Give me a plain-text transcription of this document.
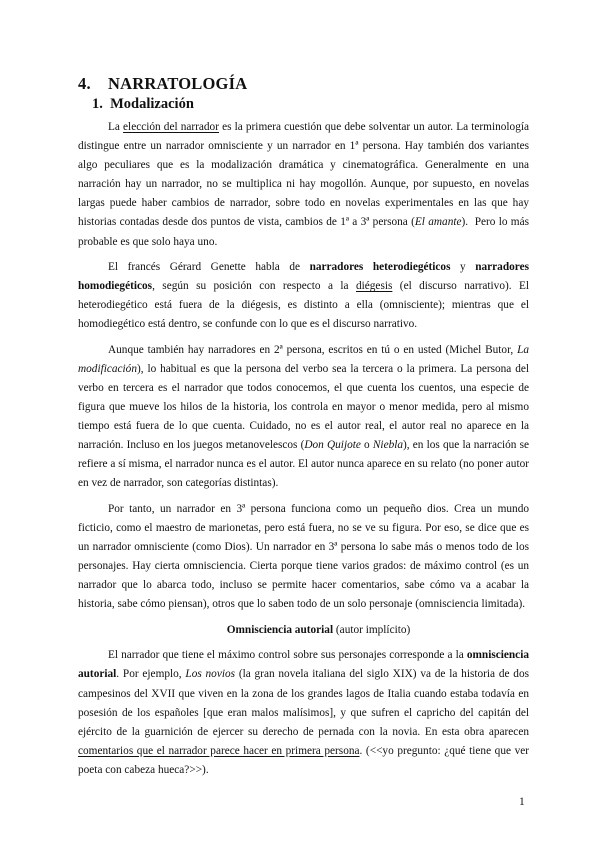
4. NARRATOLOGÍA
1.  Modalización

La elección del narrador es la primera cuestión que debe solventar un autor. La terminología distingue entre un narrador omnisciente y un narrador en 1ª persona. Hay también dos variantes algo peculiares que es la modalización dramática y cinematográfica. Generalmente en una narración hay un narrador, no se multiplica ni hay mogollón. Aunque, por supuesto, en novelas largas puede haber cambios de narrador, sobre todo en novelas experimentales en las que hay historias contadas desde dos puntos de vista, cambios de 1ª a 3ª persona (El amante).  Pero lo más probable es que solo haya uno.

El francés Gérard Genette habla de narradores heterodiegéticos y narradores homodiegéticos, según su posición con respecto a la diégesis (el discurso narrativo). El heterodiegético está fuera de la diégesis, es distinto a ella (omnisciente); mientras que el homodiegético está dentro, se confunde con lo que es el discurso narrativo.

Aunque también hay narradores en 2ª persona, escritos en tú o en usted (Michel Butor, La modificación), lo habitual es que la persona del verbo sea la tercera o la primera. La persona del verbo en tercera es el narrador que todos conocemos, el que cuenta los cuentos, una especie de figura que mueve los hilos de la historia, los controla en mayor o menor medida, pero al mismo tiempo está fuera de lo que cuenta. Cuidado, no es el autor real, el autor real no aparece en la narración. Incluso en los juegos metanovelescos (Don Quijote o Niebla), en los que la narración se refiere a sí misma, el narrador nunca es el autor. El autor nunca aparece en su relato (no poner autor en vez de narrador, son categorías distintas).

Por tanto, un narrador en 3ª persona funciona como un pequeño dios. Crea un mundo ficticio, como el maestro de marionetas, pero está fuera, no se ve su figura. Por eso, se dice que es un narrador omnisciente (como Dios). Un narrador en 3ª persona lo sabe más o menos todo de los personajes. Hay cierta omnisciencia. Cierta porque tiene varios grados: de máximo control (es un narrador que lo abarca todo, incluso se permite hacer comentarios, sabe cómo va a acabar la historia, sabe cómo piensan), otros que lo saben todo de un solo personaje (omnisciencia limitada).

Omnisciencia autorial (autor implícito)

El narrador que tiene el máximo control sobre sus personajes corresponde a la omnisciencia autorial. Por ejemplo, Los novios (la gran novela italiana del siglo XIX) va de la historia de dos campesinos del XVII que viven en la zona de los grandes lagos de Italia cuando estaba todavía en posesión de los españoles [que eran malos malísimos], y que sufren el capricho del capitán del ejército de la guarnición de ejercer su derecho de pernada con la novia. En esta obra aparecen comentarios que el narrador parece hacer en primera persona. (<<yo pregunto: ¿qué tiene que ver poeta con cabeza hueca?>>).

1
